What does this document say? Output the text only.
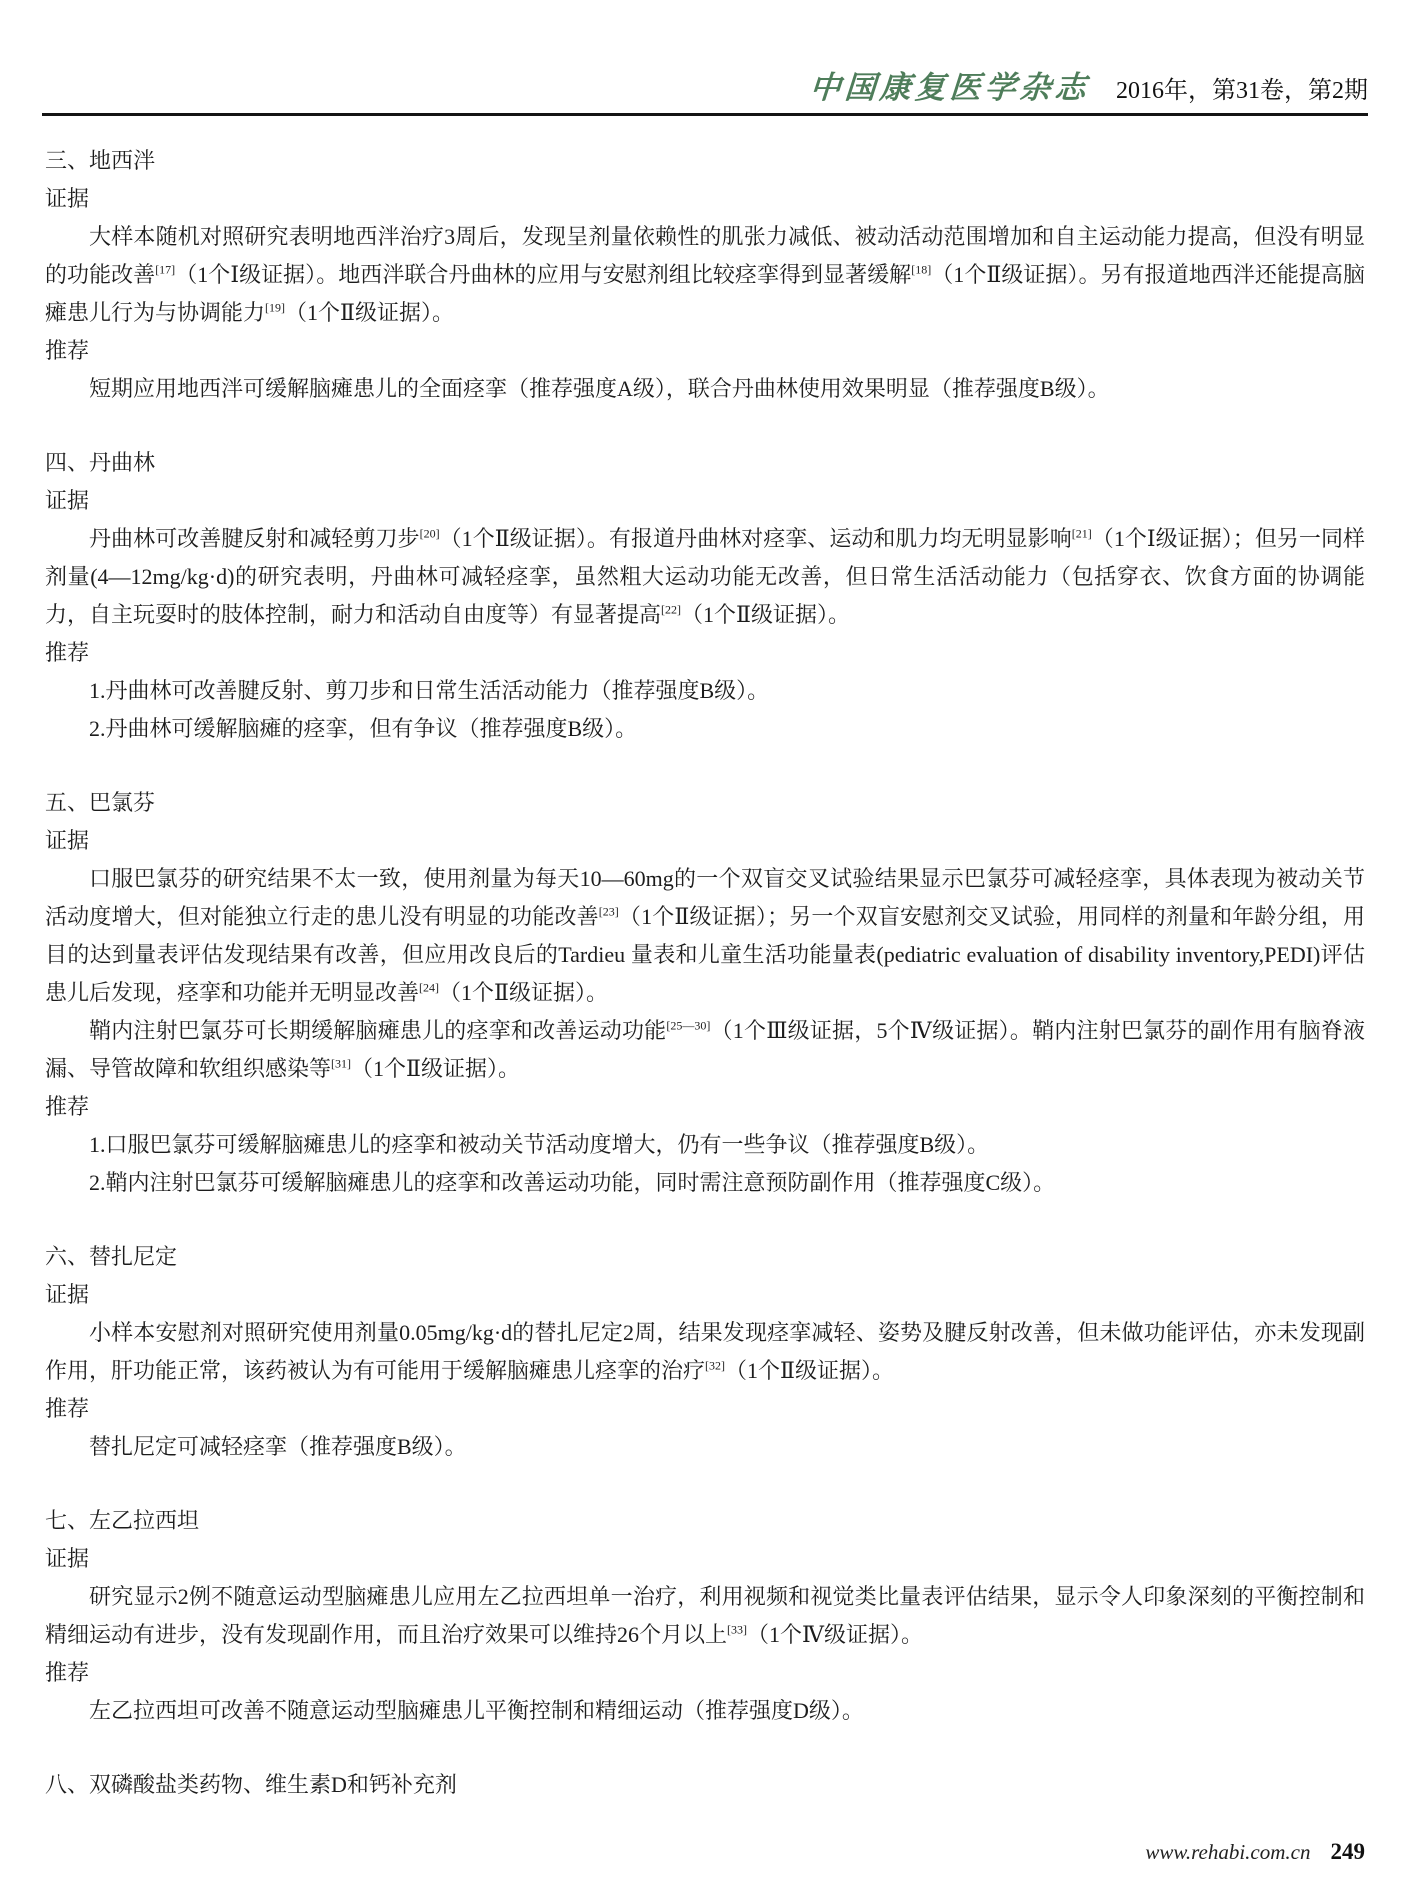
中国康复医学杂志 2016年，第31卷，第2期
三、地西泮

证据

大样本随机对照研究表明地西泮治疗3周后，发现呈剂量依赖性的肌张力减低、被动活动范围增加和自主运动能力提高，但没有明显的功能改善[17]（1个Ⅰ级证据）。地西泮联合丹曲林的应用与安慰剂组比较痉挛得到显著缓解[18]（1个Ⅱ级证据）。另有报道地西泮还能提高脑瘫患儿行为与协调能力[19]（1个Ⅱ级证据）。

推荐

短期应用地西泮可缓解脑瘫患儿的全面痉挛（推荐强度A级），联合丹曲林使用效果明显（推荐强度B级）。

四、丹曲林

证据

丹曲林可改善腱反射和减轻剪刀步[20]（1个Ⅱ级证据）。有报道丹曲林对痉挛、运动和肌力均无明显影响[21]（1个Ⅰ级证据）；但另一同样剂量(4—12mg/kg·d)的研究表明，丹曲林可减轻痉挛，虽然粗大运动功能无改善，但日常生活活动能力（包括穿衣、饮食方面的协调能力，自主玩耍时的肢体控制，耐力和活动自由度等）有显著提高[22]（1个Ⅱ级证据）。

推荐

1.丹曲林可改善腱反射、剪刀步和日常生活活动能力（推荐强度B级）。

2.丹曲林可缓解脑瘫的痉挛，但有争议（推荐强度B级）。

五、巴氯芬

证据

口服巴氯芬的研究结果不太一致，使用剂量为每天10—60mg的一个双盲交叉试验结果显示巴氯芬可减轻痉挛，具体表现为被动关节活动度增大，但对能独立行走的患儿没有明显的功能改善[23]（1个Ⅱ级证据）；另一个双盲安慰剂交叉试验，用同样的剂量和年龄分组，用目的达到量表评估发现结果有改善，但应用改良后的Tardieu 量表和儿童生活功能量表(pediatric evaluation of disability inventory,PEDI)评估患儿后发现，痉挛和功能并无明显改善[24]（1个Ⅱ级证据）。

鞘内注射巴氯芬可长期缓解脑瘫患儿的痉挛和改善运动功能[25—30]（1个Ⅲ级证据，5个Ⅳ级证据）。鞘内注射巴氯芬的副作用有脑脊液漏、导管故障和软组织感染等[31]（1个Ⅱ级证据）。

推荐

1.口服巴氯芬可缓解脑瘫患儿的痉挛和被动关节活动度增大，仍有一些争议（推荐强度B级）。

2.鞘内注射巴氯芬可缓解脑瘫患儿的痉挛和改善运动功能，同时需注意预防副作用（推荐强度C级）。

六、替扎尼定

证据

小样本安慰剂对照研究使用剂量0.05mg/kg·d的替扎尼定2周，结果发现痉挛减轻、姿势及腱反射改善，但未做功能评估，亦未发现副作用，肝功能正常，该药被认为有可能用于缓解脑瘫患儿痉挛的治疗[32]（1个Ⅱ级证据）。

推荐

替扎尼定可减轻痉挛（推荐强度B级）。

七、左乙拉西坦

证据

研究显示2例不随意运动型脑瘫患儿应用左乙拉西坦单一治疗，利用视频和视觉类比量表评估结果，显示令人印象深刻的平衡控制和精细运动有进步，没有发现副作用，而且治疗效果可以维持26个月以上[33]（1个Ⅳ级证据）。

推荐

左乙拉西坦可改善不随意运动型脑瘫患儿平衡控制和精细运动（推荐强度D级）。

八、双磷酸盐类药物、维生素D和钙补充剂
www.rehabi.com.cn 249
